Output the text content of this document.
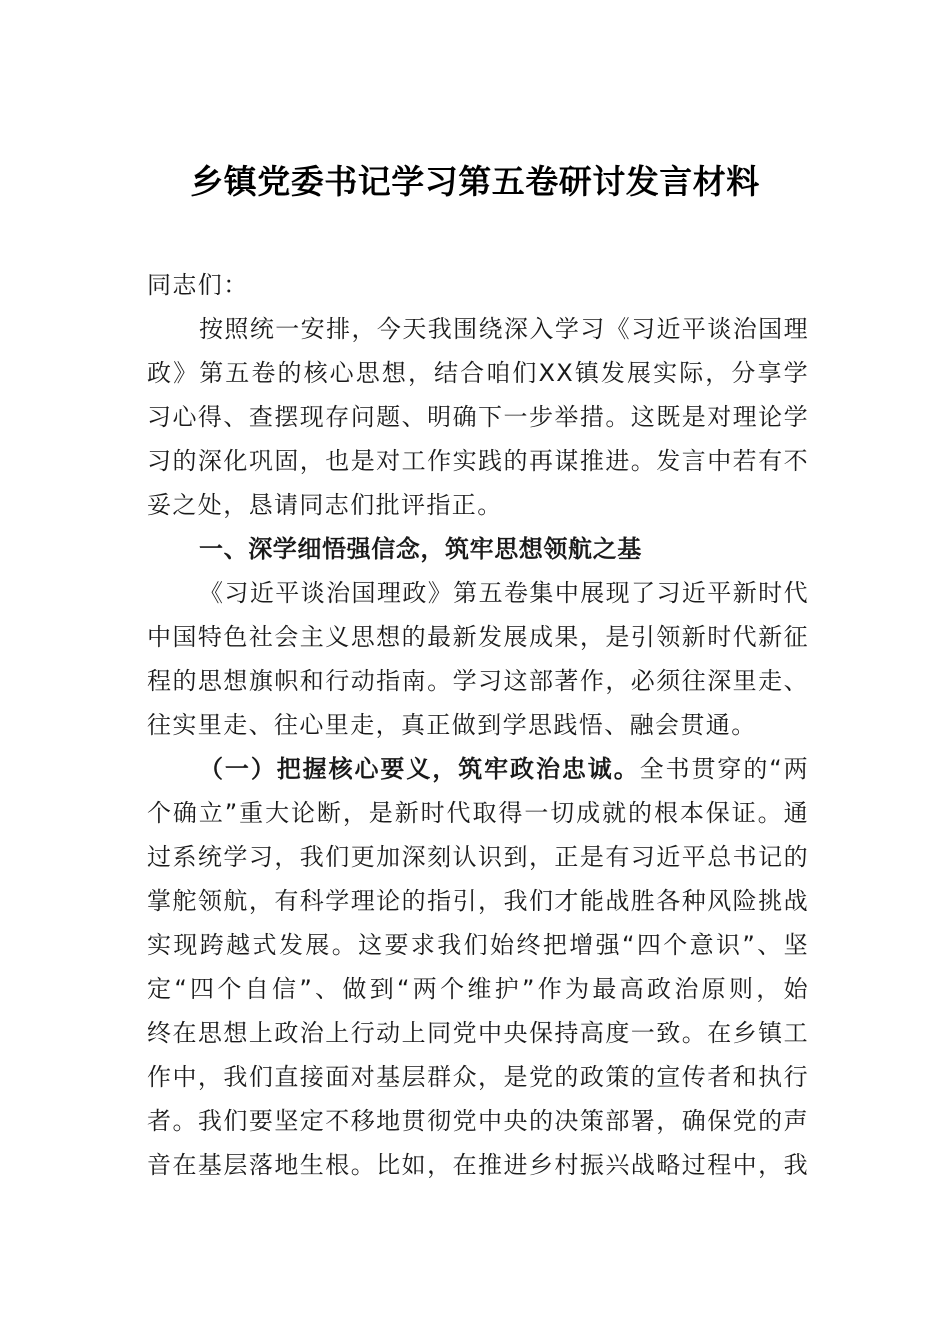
乡镇党委书记学习第五卷研讨发言材料
同志们：
按照统一安排，今天我围绕深入学习《习近平谈治国理
政》第五卷的核心思想，结合咱们XX镇发展实际，分享学
习心得、查摆现存问题、明确下一步举措。这既是对理论学
习的深化巩固，也是对工作实践的再谋推进。发言中若有不
妥之处，恳请同志们批评指正。
一、深学细悟强信念，筑牢思想领航之基
《习近平谈治国理政》第五卷集中展现了习近平新时代
中国特色社会主义思想的最新发展成果，是引领新时代新征
程的思想旗帜和行动指南。学习这部著作，必须往深里走、
往实里走、往心里走，真正做到学思践悟、融会贯通。
（一）把握核心要义，筑牢政治忠诚。全书贯穿的“两
个确立”重大论断，是新时代取得一切成就的根本保证。通
过系统学习，我们更加深刻认识到，正是有习近平总书记的
掌舵领航，有科学理论的指引，我们才能战胜各种风险挑战
实现跨越式发展。这要求我们始终把增强“四个意识”、坚
定“四个自信”、做到“两个维护”作为最高政治原则，始
终在思想上政治上行动上同党中央保持高度一致。在乡镇工
作中，我们直接面对基层群众，是党的政策的宣传者和执行
者。我们要坚定不移地贯彻党中央的决策部署，确保党的声
音在基层落地生根。比如，在推进乡村振兴战略过程中，我
